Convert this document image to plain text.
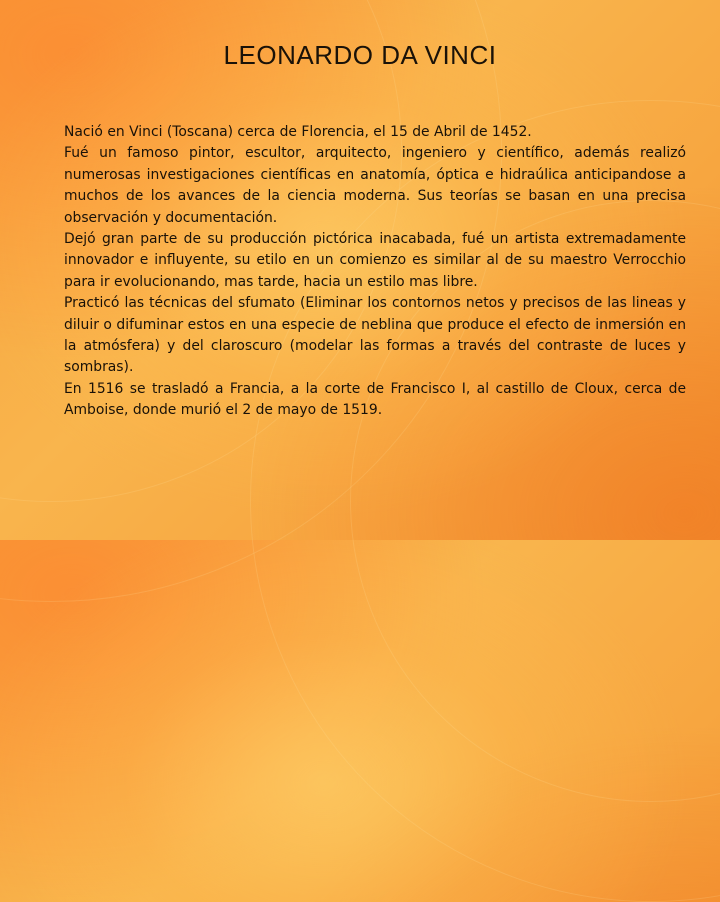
LEONARDO DA VINCI

Nació en Vinci (Toscana) cerca de Florencia, el 15 de Abril de 1452.

Fué un famoso pintor, escultor, arquitecto, ingeniero y científico, además realizó numerosas investigaciones científicas en anatomía, óptica e hidraúlica anticipandose a muchos de los avances de la ciencia moderna. Sus teorías se basan en una precisa observación y documentación.

Dejó gran parte de su producción pictórica inacabada, fué un artista extremadamente innovador e influyente, su etilo en un comienzo es similar al de su maestro Verrocchio para ir evolucionando, mas tarde, hacia un estilo mas libre.

Practicó las técnicas del sfumato (Eliminar los contornos netos y precisos de las lineas y diluir o difuminar estos en una especie de neblina que produce el efecto de inmersión en la atmósfera) y del claroscuro (modelar las formas a través del contraste de luces y sombras).

En 1516 se trasladó a Francia, a la corte de Francisco I, al castillo de Cloux, cerca de Amboise, donde murió el 2 de mayo de 1519.
